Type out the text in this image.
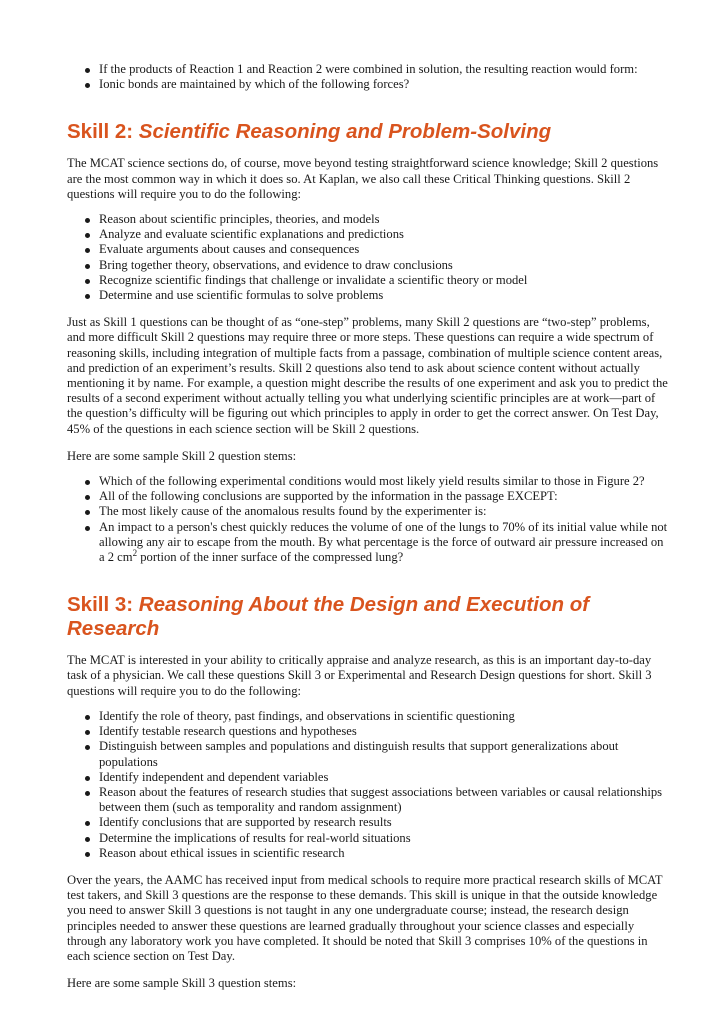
If the products of Reaction 1 and Reaction 2 were combined in solution, the resulting reaction would form:
Ionic bonds are maintained by which of the following forces?
Skill 2: Scientific Reasoning and Problem-Solving

The MCAT science sections do, of course, move beyond testing straightforward science knowledge; Skill 2 questions are the most common way in which it does so. At Kaplan, we also call these Critical Thinking questions. Skill 2 questions will require you to do the following:

Reason about scientific principles, theories, and models
Analyze and evaluate scientific explanations and predictions
Evaluate arguments about causes and consequences
Bring together theory, observations, and evidence to draw conclusions
Recognize scientific findings that challenge or invalidate a scientific theory or model
Determine and use scientific formulas to solve problems

Just as Skill 1 questions can be thought of as “one-step” problems, many Skill 2 questions are “two-step” problems, and more difficult Skill 2 questions may require three or more steps. These questions can require a wide spectrum of reasoning skills, including integration of multiple facts from a passage, combination of multiple science content areas, and prediction of an experiment’s results. Skill 2 questions also tend to ask about science content without actually mentioning it by name. For example, a question might describe the results of one experiment and ask you to predict the results of a second experiment without actually telling you what underlying scientific principles are at work—part of the question’s difficulty will be figuring out which principles to apply in order to get the correct answer. On Test Day, 45% of the questions in each science section will be Skill 2 questions.

Here are some sample Skill 2 question stems:

Which of the following experimental conditions would most likely yield results similar to those in Figure 2?
All of the following conclusions are supported by the information in the passage EXCEPT:
The most likely cause of the anomalous results found by the experimenter is:
An impact to a person's chest quickly reduces the volume of one of the lungs to 70% of its initial value while not allowing any air to escape from the mouth. By what percentage is the force of outward air pressure increased on a 2 $cm^2$ portion of the inner surface of the compressed lung?
Skill 3: Reasoning About the Design and Execution of Research

The MCAT is interested in your ability to critically appraise and analyze research, as this is an important day-to-day task of a physician. We call these questions Skill 3 or Experimental and Research Design questions for short. Skill 3 questions will require you to do the following:

Identify the role of theory, past findings, and observations in scientific questioning
Identify testable research questions and hypotheses
Distinguish between samples and populations and distinguish results that support generalizations about populations
Identify independent and dependent variables
Reason about the features of research studies that suggest associations between variables or causal relationships between them (such as temporality and random assignment)
Identify conclusions that are supported by research results
Determine the implications of results for real-world situations
Reason about ethical issues in scientific research

Over the years, the AAMC has received input from medical schools to require more practical research skills of MCAT test takers, and Skill 3 questions are the response to these demands. This skill is unique in that the outside knowledge you need to answer Skill 3 questions is not taught in any one undergraduate course; instead, the research design principles needed to answer these questions are learned gradually throughout your science classes and especially through any laboratory work you have completed. It should be noted that Skill 3 comprises 10% of the questions in each science section on Test Day.

Here are some sample Skill 3 question stems:
